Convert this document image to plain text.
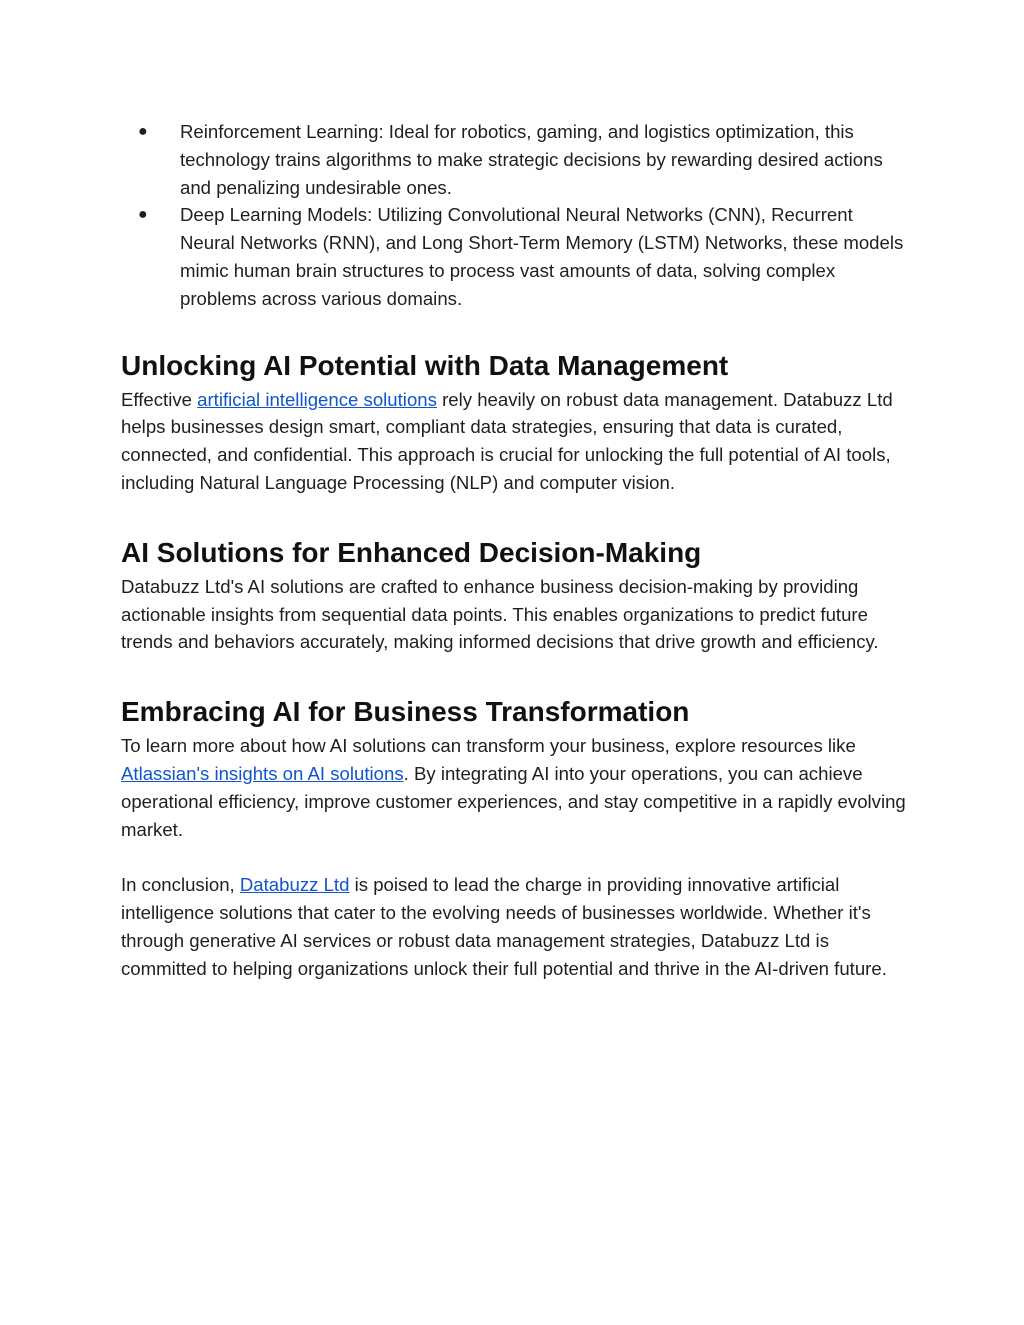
● Reinforcement Learning: Ideal for robotics, gaming, and logistics optimization, this technology trains algorithms to make strategic decisions by rewarding desired actions and penalizing undesirable ones.
● Deep Learning Models: Utilizing Convolutional Neural Networks (CNN), Recurrent Neural Networks (RNN), and Long Short-Term Memory (LSTM) Networks, these models mimic human brain structures to process vast amounts of data, solving complex problems across various domains.
Unlocking AI Potential with Data Management

Effective artificial intelligence solutions rely heavily on robust data management. Databuzz Ltd helps businesses design smart, compliant data strategies, ensuring that data is curated, connected, and confidential. This approach is crucial for unlocking the full potential of AI tools, including Natural Language Processing (NLP) and computer vision.

AI Solutions for Enhanced Decision-Making

Databuzz Ltd's AI solutions are crafted to enhance business decision-making by providing actionable insights from sequential data points. This enables organizations to predict future trends and behaviors accurately, making informed decisions that drive growth and efficiency.

Embracing AI for Business Transformation

To learn more about how AI solutions can transform your business, explore resources like Atlassian's insights on AI solutions. By integrating AI into your operations, you can achieve operational efficiency, improve customer experiences, and stay competitive in a rapidly evolving market.

In conclusion, Databuzz Ltd is poised to lead the charge in providing innovative artificial intelligence solutions that cater to the evolving needs of businesses worldwide. Whether it's through generative AI services or robust data management strategies, Databuzz Ltd is committed to helping organizations unlock their full potential and thrive in the AI-driven future.
